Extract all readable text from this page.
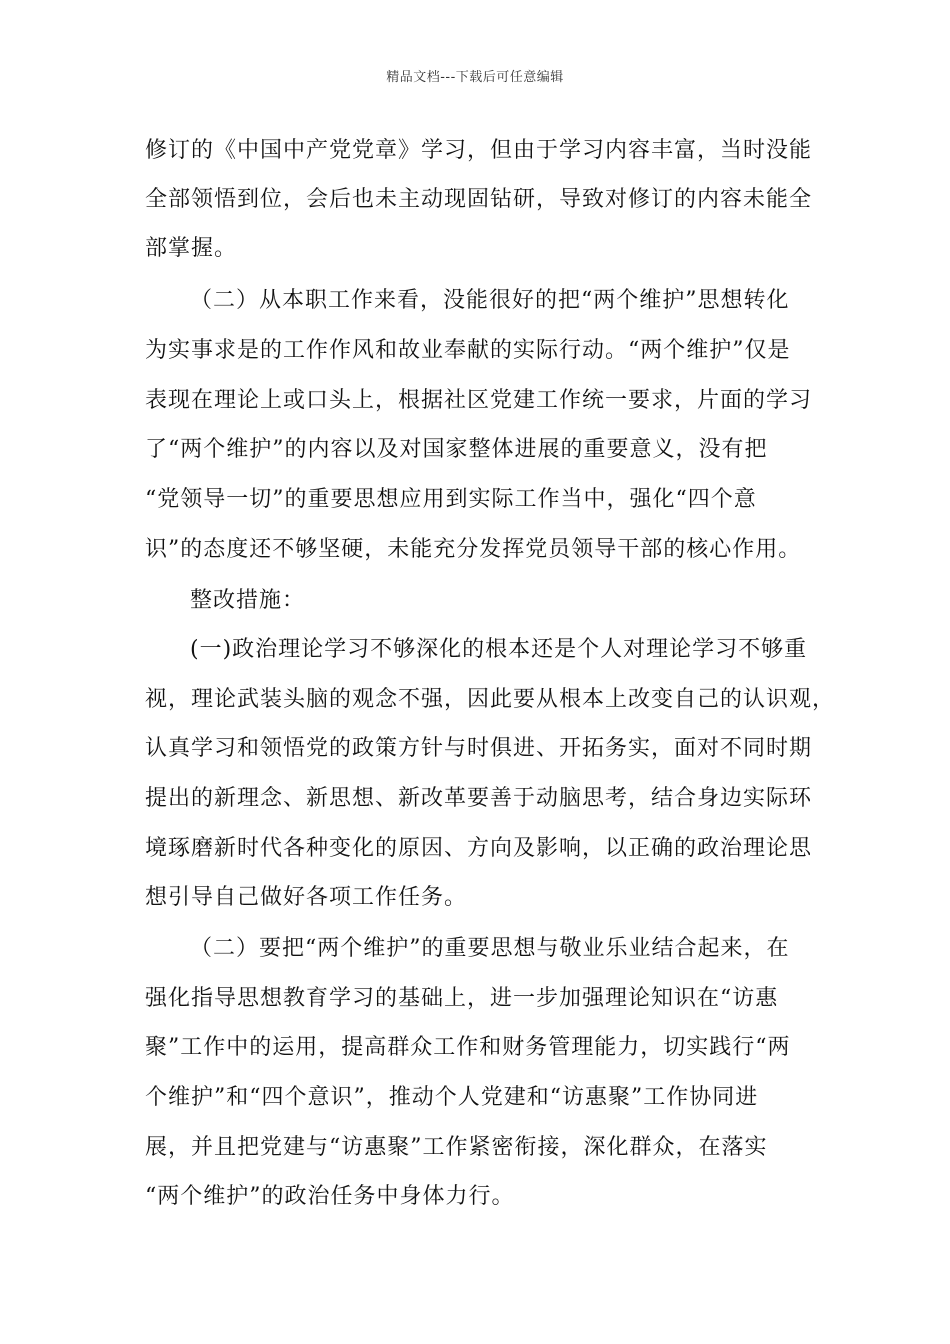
精品文档---下载后可任意编辑
修订的《中国中产党党章》学习，但由于学习内容丰富，当时没能
全部领悟到位，会后也未主动现固钻研，导致对修订的内容未能全
部掌握。
（二）从本职工作来看，没能很好的把“两个维护”思想转化
为实事求是的工作作风和故业奉献的实际行动。“两个维护”仅是
表现在理论上或口头上，根据社区党建工作统一要求，片面的学习
了“两个维护”的内容以及对国家整体进展的重要意义，没有把
“党领导一切”的重要思想应用到实际工作当中，强化“四个意
识”的态度还不够坚硬，未能充分发挥党员领导干部的核心作用。
整改措施：
(一)政治理论学习不够深化的根本还是个人对理论学习不够重
视，理论武装头脑的观念不强，因此要从根本上改变自己的认识观，
认真学习和领悟党的政策方针与时俱进、开拓务实，面对不同时期
提出的新理念、新思想、新改革要善于动脑思考，结合身边实际环
境琢磨新时代各种变化的原因、方向及影响，以正确的政治理论思
想引导自己做好各项工作任务。
（二）要把“两个维护”的重要思想与敬业乐业结合起来，在
强化指导思想教育学习的基础上，进一步加强理论知识在“访惠
聚”工作中的运用，提高群众工作和财务管理能力，切实践行“两
个维护”和“四个意识”，推动个人党建和“访惠聚”工作协同进
展，并且把党建与“访惠聚”工作紧密衔接，深化群众，在落实
“两个维护”的政治任务中身体力行。
